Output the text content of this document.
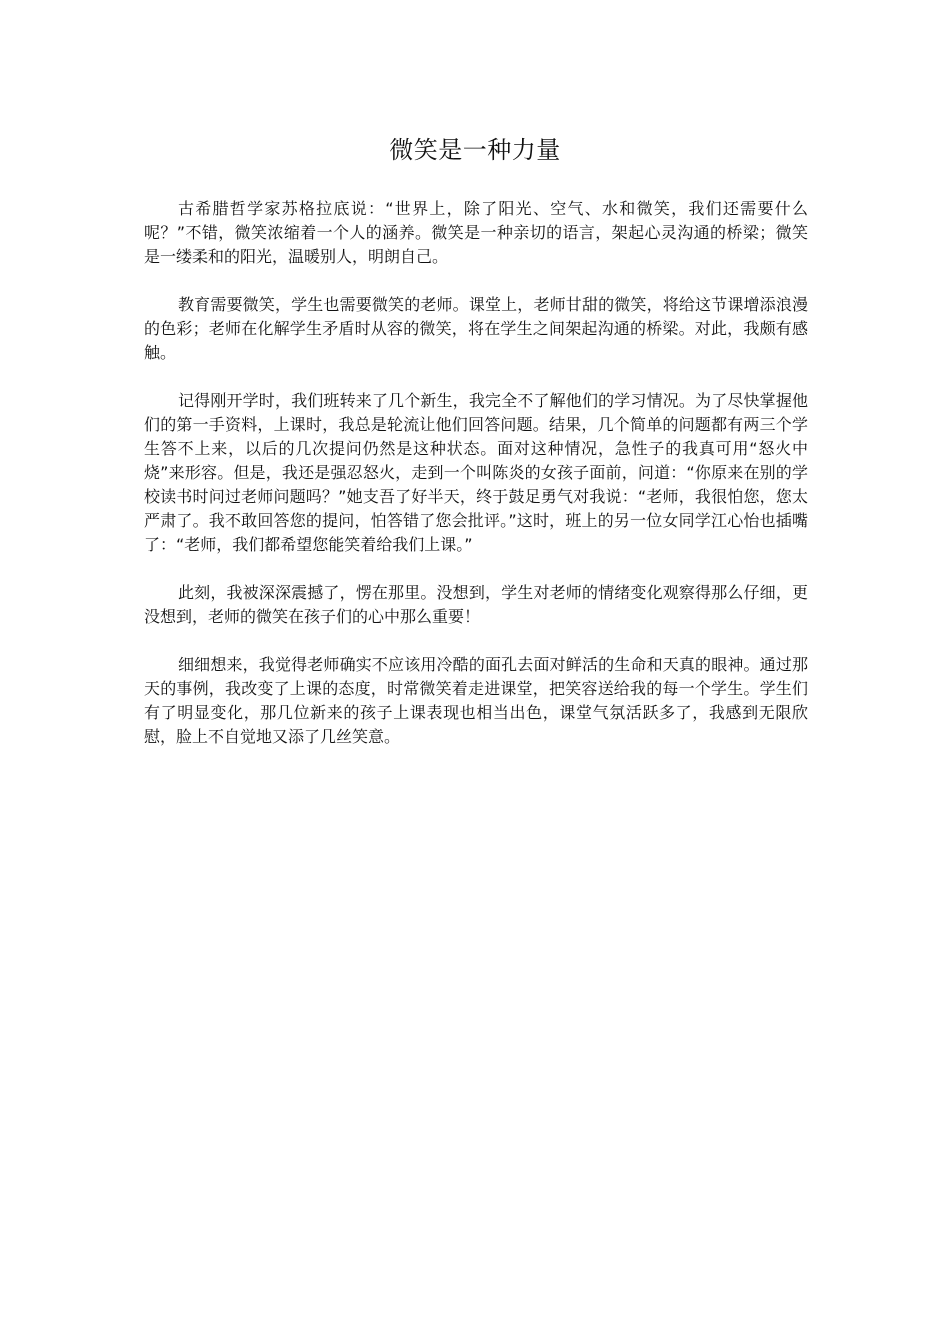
微笑是一种力量

古希腊哲学家苏格拉底说：“世界上，除了阳光、空气、水和微笑，我们还需要什么呢？”不错，微笑浓缩着一个人的涵养。微笑是一种亲切的语言，架起心灵沟通的桥梁；微笑是一缕柔和的阳光，温暖别人，明朗自己。

教育需要微笑，学生也需要微笑的老师。课堂上，老师甘甜的微笑，将给这节课增添浪漫的色彩；老师在化解学生矛盾时从容的微笑，将在学生之间架起沟通的桥梁。对此，我颇有感触。

记得刚开学时，我们班转来了几个新生，我完全不了解他们的学习情况。为了尽快掌握他们的第一手资料，上课时，我总是轮流让他们回答问题。结果，几个简单的问题都有两三个学生答不上来，以后的几次提问仍然是这种状态。面对这种情况，急性子的我真可用“怒火中烧”来形容。但是，我还是强忍怒火，走到一个叫陈炎的女孩子面前，问道：“你原来在别的学校读书时问过老师问题吗？”她支吾了好半天，终于鼓足勇气对我说：“老师，我很怕您，您太严肃了。我不敢回答您的提问，怕答错了您会批评。”这时，班上的另一位女同学江心怡也插嘴了：“老师，我们都希望您能笑着给我们上课。”

此刻，我被深深震撼了，愣在那里。没想到，学生对老师的情绪变化观察得那么仔细，更没想到，老师的微笑在孩子们的心中那么重要！

细细想来，我觉得老师确实不应该用冷酷的面孔去面对鲜活的生命和天真的眼神。通过那天的事例，我改变了上课的态度，时常微笑着走进课堂，把笑容送给我的每一个学生。学生们有了明显变化，那几位新来的孩子上课表现也相当出色，课堂气氛活跃多了，我感到无限欣慰，脸上不自觉地又添了几丝笑意。
